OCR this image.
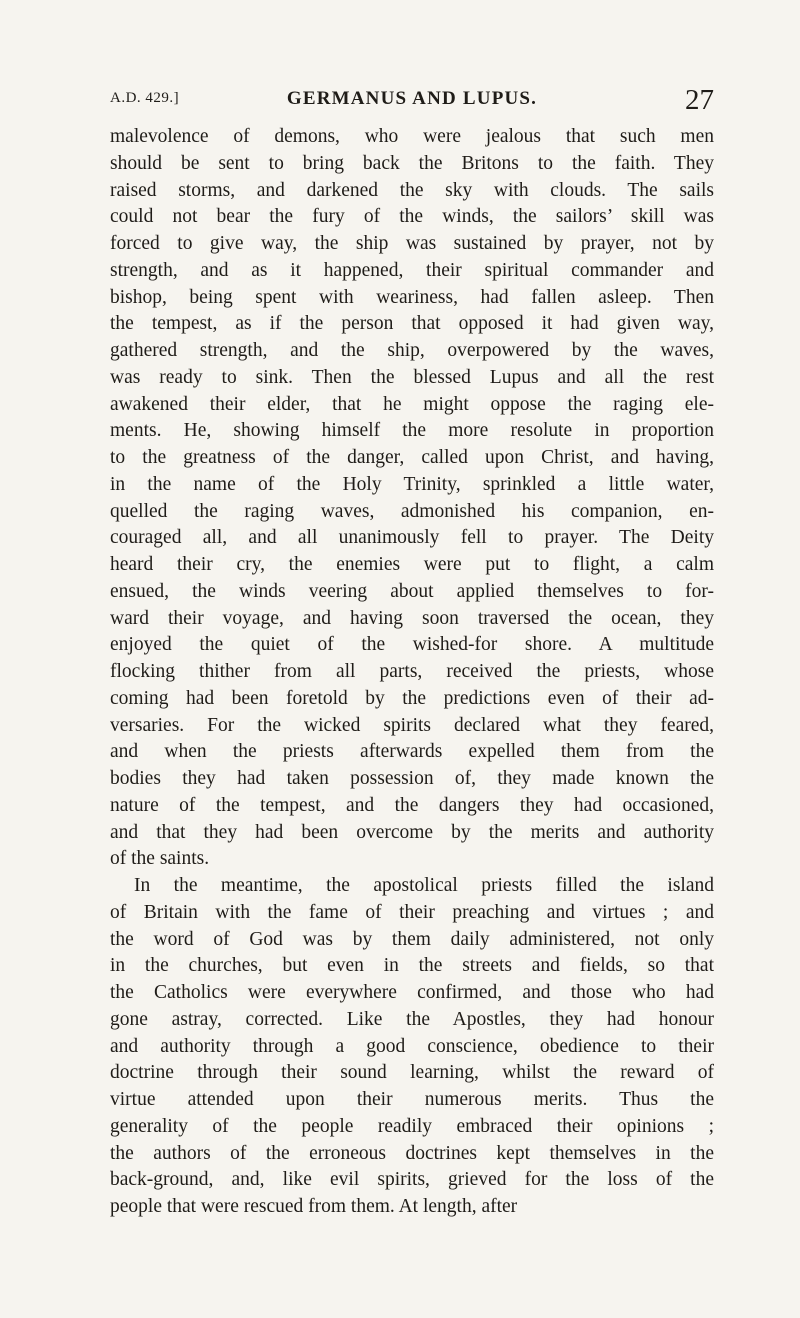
A.D. 429.]	GERMANUS AND LUPUS.	27
malevolence of demons, who were jealous that such men
should be sent to bring back the Britons to the faith. They
raised storms, and darkened the sky with clouds. The sails
could not bear the fury of the winds, the sailors’ skill was
forced to give way, the ship was sustained by prayer, not by
strength, and as it happened, their spiritual commander and
bishop, being spent with weariness, had fallen asleep. Then
the tempest, as if the person that opposed it had given way,
gathered strength, and the ship, overpowered by the waves,
was ready to sink. Then the blessed Lupus and all the rest
awakened their elder, that he might oppose the raging ele-
ments. He, showing himself the more resolute in proportion
to the greatness of the danger, called upon Christ, and having,
in the name of the Holy Trinity, sprinkled a little water,
quelled the raging waves, admonished his companion, en-
couraged all, and all unanimously fell to prayer. The Deity
heard their cry, the enemies were put to flight, a calm
ensued, the winds veering about applied themselves to for-
ward their voyage, and having soon traversed the ocean, they
enjoyed the quiet of the wished-for shore. A multitude
flocking thither from all parts, received the priests, whose
coming had been foretold by the predictions even of their ad-
versaries. For the wicked spirits declared what they feared,
and when the priests afterwards expelled them from the
bodies they had taken possession of, they made known the
nature of the tempest, and the dangers they had occasioned,
and that they had been overcome by the merits and authority
of the saints.
In the meantime, the apostolical priests filled the island
of Britain with the fame of their preaching and virtues ; and
the word of God was by them daily administered, not only
in the churches, but even in the streets and fields, so that
the Catholics were everywhere confirmed, and those who had
gone astray, corrected. Like the Apostles, they had honour
and authority through a good conscience, obedience to their
doctrine through their sound learning, whilst the reward of
virtue attended upon their numerous merits. Thus the
generality of the people readily embraced their opinions ;
the authors of the erroneous doctrines kept themselves in the
back-ground, and, like evil spirits, grieved for the loss of the
people that were rescued from them. At length, after
